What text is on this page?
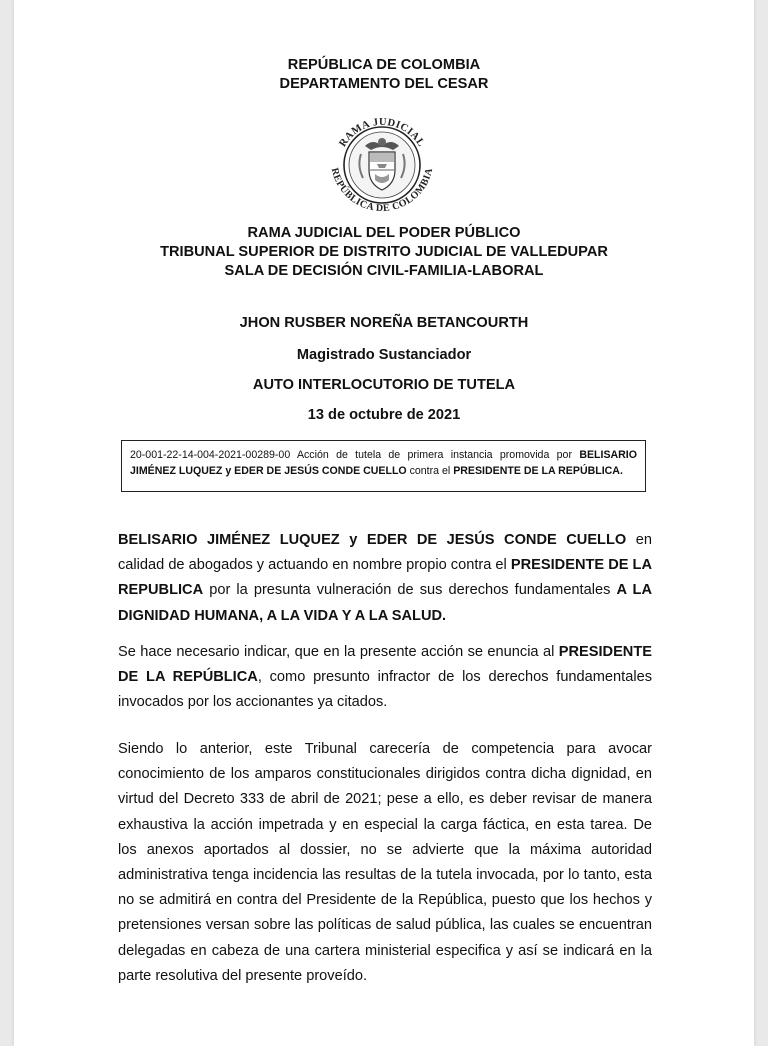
REPÚBLICA DE COLOMBIA
DEPARTAMENTO DEL CESAR
RAMA JUDICIAL
REPÚBLICA DE COLOMBIA
RAMA JUDICIAL DEL PODER PÚBLICO
TRIBUNAL SUPERIOR DE DISTRITO JUDICIAL DE VALLEDUPAR
SALA DE DECISIÓN CIVIL-FAMILIA-LABORAL
JHON RUSBER NOREÑA BETANCOURTH
Magistrado Sustanciador
AUTO INTERLOCUTORIO DE TUTELA
13 de octubre de 2021
20-001-22-14-004-2021-00289-00 Acción de tutela de primera instancia promovida por BELISARIO JIMÉNEZ LUQUEZ y EDER DE JESÚS CONDE CUELLO contra el PRESIDENTE DE LA REPÚBLICA.
BELISARIO JIMÉNEZ LUQUEZ y EDER DE JESÚS CONDE CUELLO en calidad de abogados y actuando en nombre propio contra el PRESIDENTE DE LA REPUBLICA por la presunta vulneración de sus derechos fundamentales A LA DIGNIDAD HUMANA, A LA VIDA Y A LA SALUD.
Se hace necesario indicar, que en la presente acción se enuncia al PRESIDENTE DE LA REPÚBLICA, como presunto infractor de los derechos fundamentales invocados por los accionantes ya citados.
Siendo lo anterior, este Tribunal carecería de competencia para avocar conocimiento de los amparos constitucionales dirigidos contra dicha dignidad, en virtud del Decreto 333 de abril de 2021; pese a ello, es deber revisar de manera exhaustiva la acción impetrada y en especial la carga fáctica, en esta tarea. De los anexos aportados al dossier, no se advierte que la máxima autoridad administrativa tenga incidencia las resultas de la tutela invocada, por lo tanto, esta no se admitirá en contra del Presidente de la República, puesto que los hechos y pretensiones versan sobre las políticas de salud pública, las cuales se encuentran delegadas en cabeza de una cartera ministerial especifica y así se indicará en la parte resolutiva del presente proveído.
